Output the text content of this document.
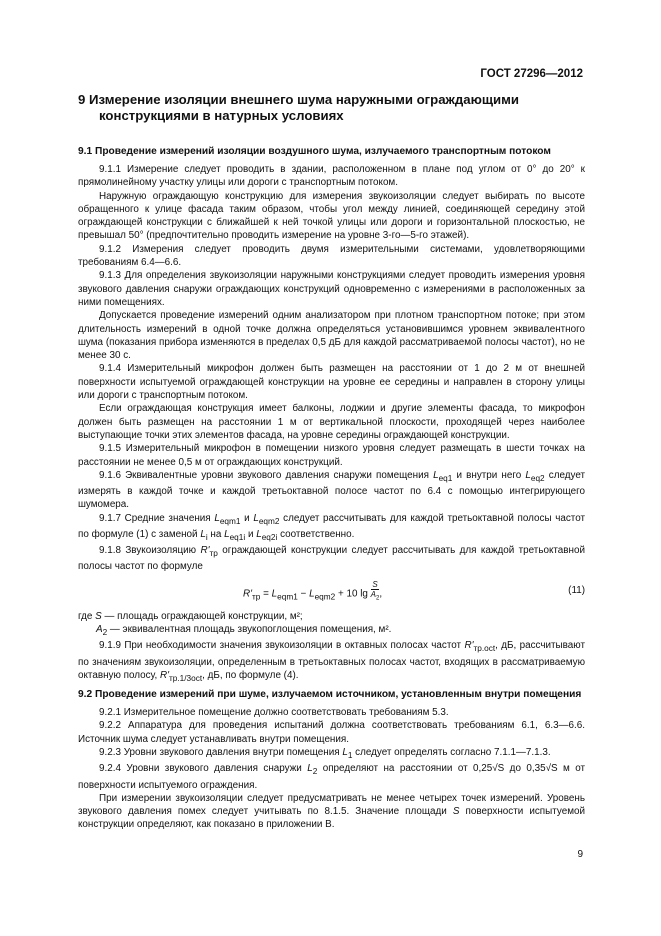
ГОСТ 27296—2012
9 Измерение изоляции внешнего шума наружными ограждающими конструкциями в натурных условиях
9.1 Проведение измерений изоляции воздушного шума, излучаемого транспортным потоком

9.1.1 Измерение следует проводить в здании, расположенном в плане под углом от 0° до 20° к прямолинейному участку улицы или дороги с транспортным потоком.

Наружную ограждающую конструкцию для измерения звукоизоляции следует выбирать по высоте обращенного к улице фасада таким образом, чтобы угол между линией, соединяющей середину этой ограждающей конструкции с ближайшей к ней точкой улицы или дороги и горизонтальной плоскостью, не превышал 50° (предпочтительно проводить измерение на уровне 3-го—5-го этажей).

9.1.2 Измерения следует проводить двумя измерительными системами, удовлетворяющими требованиям 6.4—6.6.

9.1.3 Для определения звукоизоляции наружными конструкциями следует проводить измерения уровня звукового давления снаружи ограждающих конструкций одновременно с измерениями в расположенных за ними помещениях.

Допускается проведение измерений одним анализатором при плотном транспортном потоке; при этом длительность измерений в одной точке должна определяться установившимся уровнем эквивалентного шума (показания прибора изменяются в пределах 0,5 дБ для каждой рассматриваемой полосы частот), но не менее 30 с.

9.1.4 Измерительный микрофон должен быть размещен на расстоянии от 1 до 2 м от внешней поверхности испытуемой ограждающей конструкции на уровне ее середины и направлен в сторону улицы или дороги с транспортным потоком.

Если ограждающая конструкция имеет балконы, лоджии и другие элементы фасада, то микрофон должен быть размещен на расстоянии 1 м от вертикальной плоскости, проходящей через наиболее выступающие точки этих элементов фасада, на уровне середины ограждающей конструкции.

9.1.5 Измерительный микрофон в помещении низкого уровня следует размещать в шести точках на расстоянии не менее 0,5 м от ограждающих конструкций.

9.1.6 Эквивалентные уровни звукового давления снаружи помещения $L_{eq1}$ и внутри него $L_{eq2}$ следует измерять в каждой точке и каждой третьоктавной полосе частот по 6.4 с помощью интегрирующего шумомера.

9.1.7 Средние значения $L_{eqm1}$ и $L_{eqm2}$ следует рассчитывать для каждой третьоктавной полосы частот по формуле (1) с заменой $L_i$ на $L_{eq1i}$ и $L_{eq2i}$ соответственно.

9.1.8 Звукоизоляцию $R'_{тр}$ ограждающей конструкции следует рассчитывать для каждой третьоктавной полосы частот по формуле

$R'_{тр} = L_{eqm1} - L_{eqm2} + 10$ $\lg \frac{S}{A_2}$ ,	(11)

где S — площадь ограждающей конструкции, м²;

$A_2$ — эквивалентная площадь звукопоглощения помещения, м².

9.1.9 При необходимости значения звукоизоляции в октавных полосах частот $R'_{тр.oct}$, дБ, рассчитывают по значениям звукоизоляции, определенным в третьоктавных полосах частот, входящих в рассматриваемую октавную полосу, $R'_{тр.1/3oct}$, дБ, по формуле (4).

9.2 Проведение измерений при шуме, излучаемом источником, установленным внутри помещения

9.2.1 Измерительное помещение должно соответствовать требованиям 5.3.

9.2.2 Аппаратура для проведения испытаний должна соответствовать требованиям 6.1, 6.3—6.6. Источник шума следует устанавливать внутри помещения.

9.2.3 Уровни звукового давления внутри помещения $L_1$ следует определять согласно 7.1.1—7.1.3.

9.2.4 Уровни звукового давления снаружи $L_2$ определяют на расстоянии от 0,25√S до 0,35√S м от поверхности испытуемого ограждения.

При измерении звукоизоляции следует предусматривать не менее четырех точек измерений. Уровень звукового давления помех следует учитывать по 8.1.5. Значение площади S поверхности испытуемой конструкции определяют, как показано в приложении В.

9
